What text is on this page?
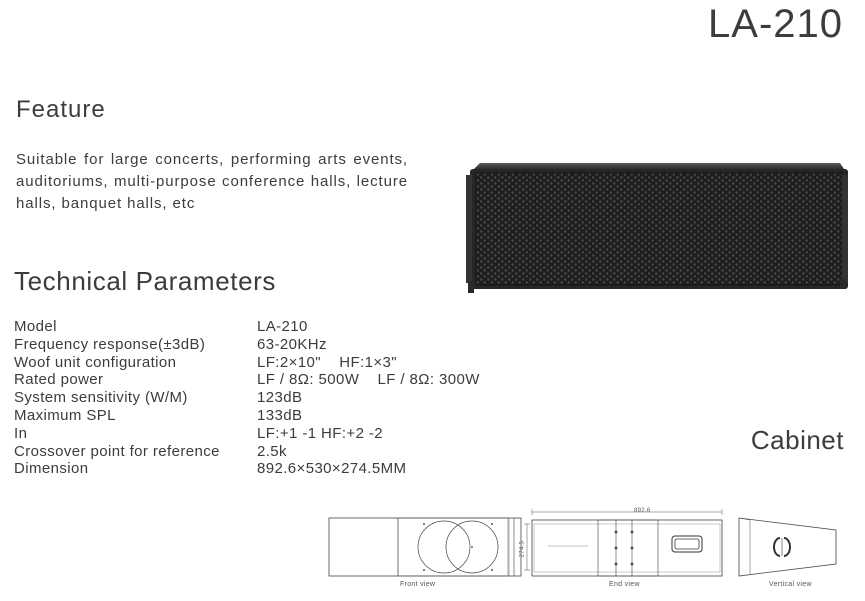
LA-210
Feature
Suitable for large concerts, performing arts events, auditoriums, multi-purpose conference halls, lecture halls, banquet halls, etc
Technical Parameters
Model	LA-210
Frequency response(±3dB)	63-20KHz
Woof unit configuration	LF:2×10"    HF:1×3"
Rated power	LF / 8Ω: 500W    LF / 8Ω: 300W
System sensitivity (W/M)	123dB
Maximum SPL	133dB
In	LF:+1 -1 HF:+2 -2
Crossover point for reference	2.5k
Dimension	892.6×530×274.5MM
Cabinet
Front view
892.6
274.5
End view	Vertical view
